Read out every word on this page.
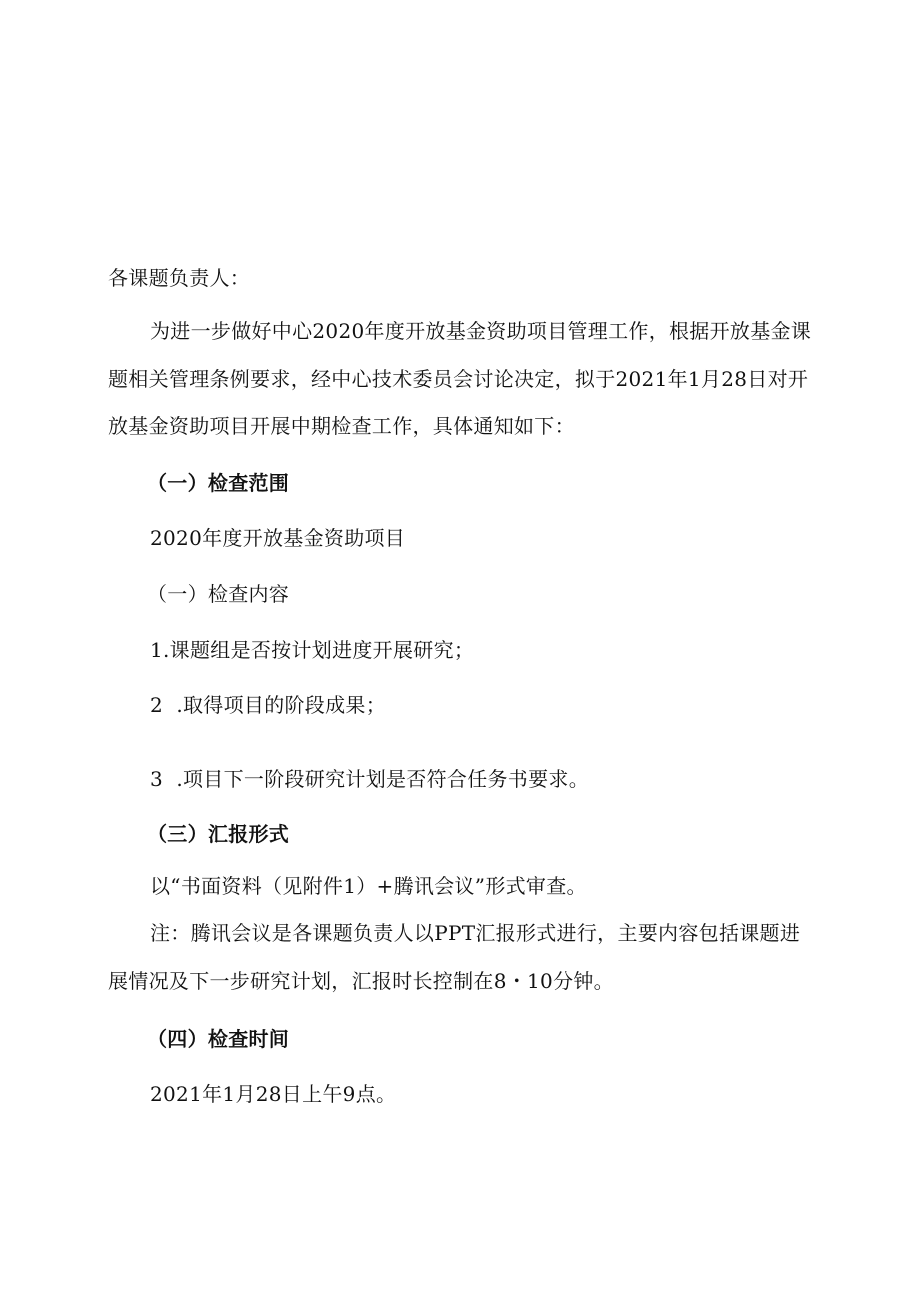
各课题负责人：

为进一步做好中心2020年度开放基金资助项目管理工作，根据开放基金课

题相关管理条例要求，经中心技术委员会讨论决定，拟于2021年1月28日对开

放基金资助项目开展中期检查工作，具体通知如下：

（一）检查范围

2020年度开放基金资助项目

（一）检查内容

1.课题组是否按计划进度开展研究；

2  .取得项目的阶段成果；

3  .项目下一阶段研究计划是否符合任务书要求。

（三）汇报形式

以“书面资料（见附件1）+腾讯会议”形式审查。

注：腾讯会议是各课题负责人以PPT汇报形式进行，主要内容包括课题进

展情况及下一步研究计划，汇报时长控制在8・10分钟。

（四）检查时间

2021年1月28日上午9点。
